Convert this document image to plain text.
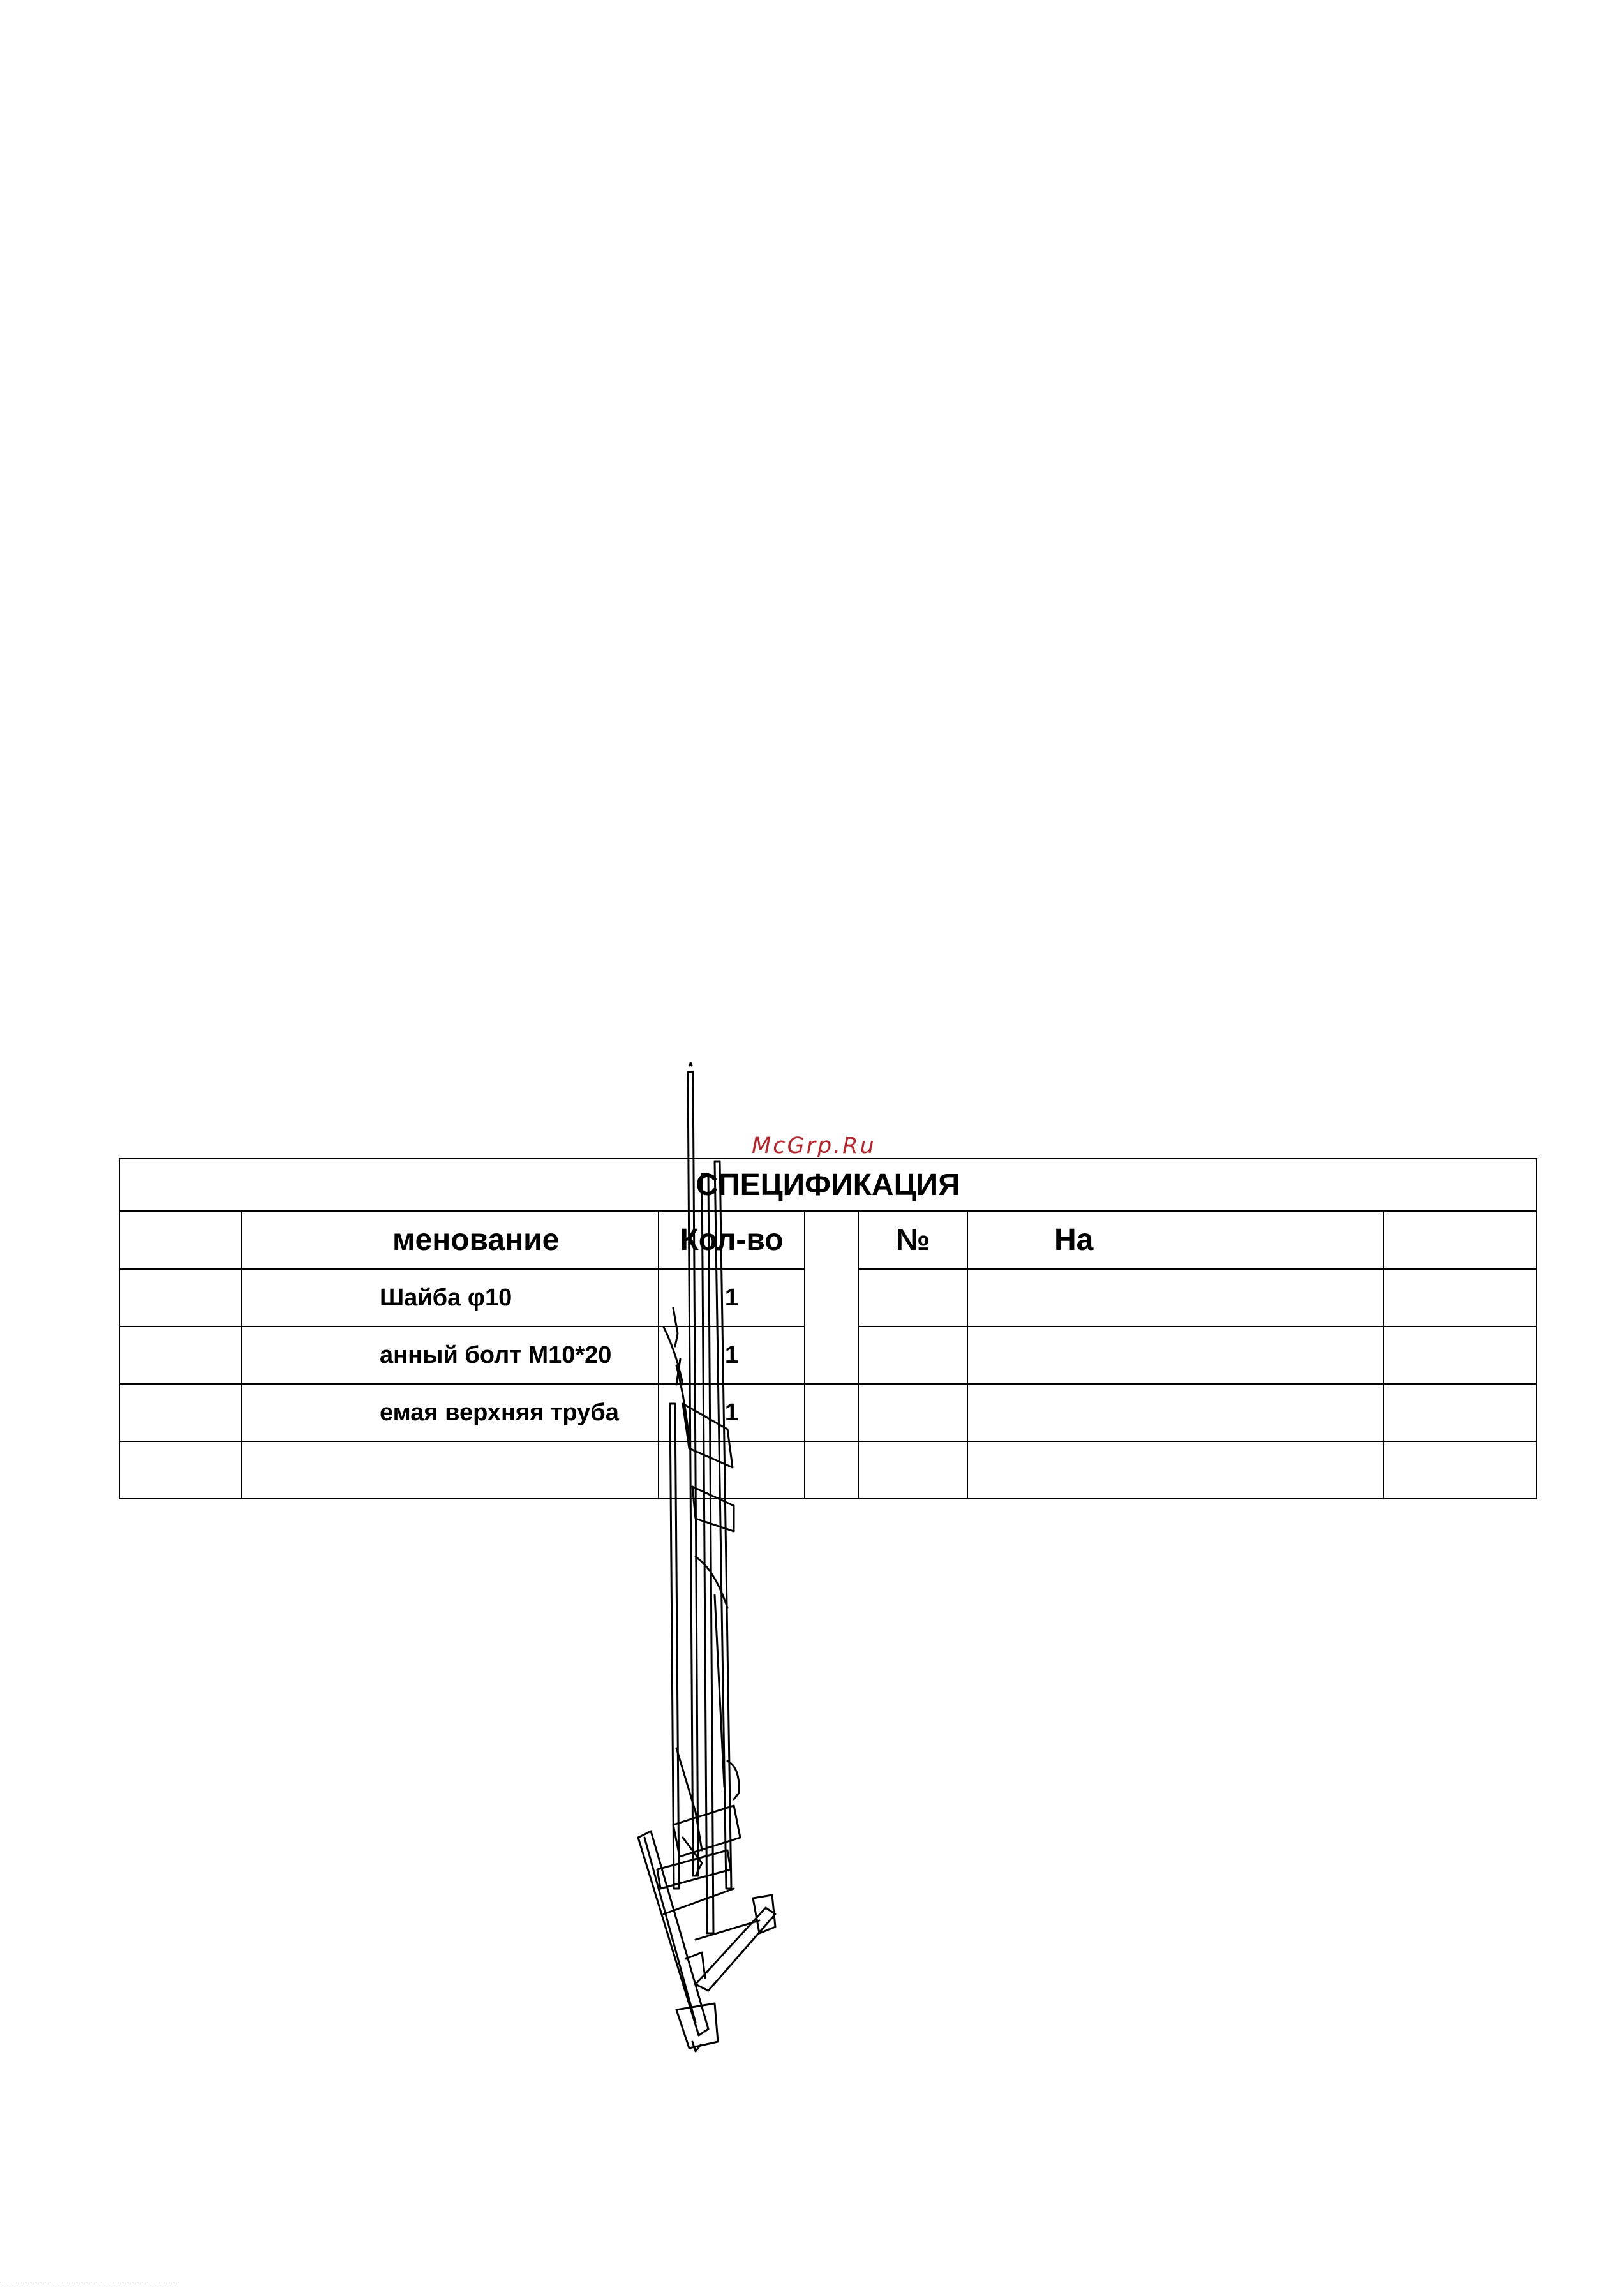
McGrp.Ru
СПЕЦИФИКАЦИЯ						
	менование	Кол-во		№	На	
	Шайба φ10	1				
	анный болт M10*20	1				
	емая верхняя труба	1				
